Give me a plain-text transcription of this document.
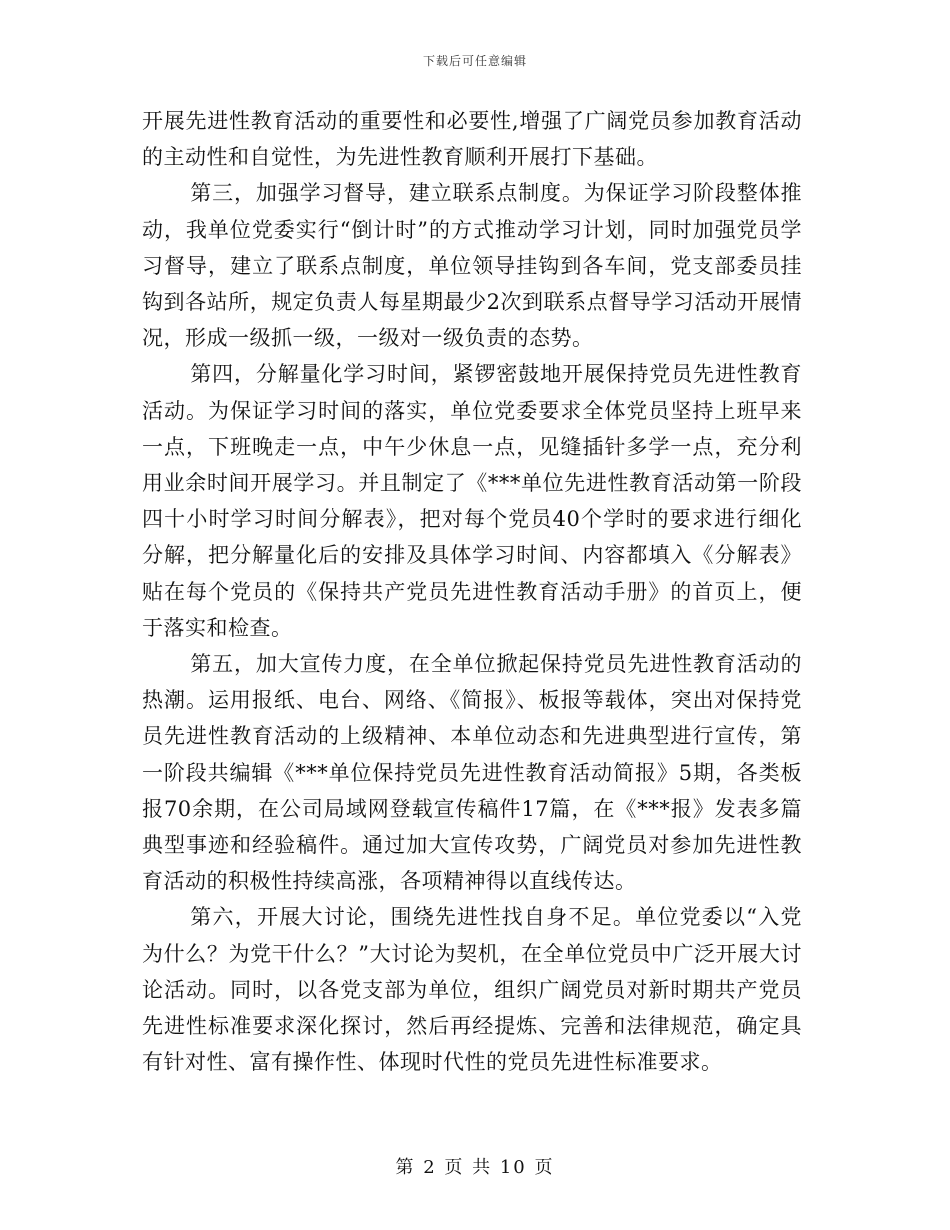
下载后可任意编辑

开展先进性教育活动的重要性和必要性,增强了广阔党员参加教育活动的主动性和自觉性，为先进性教育顺利开展打下基础。

第三，加强学习督导，建立联系点制度。为保证学习阶段整体推动，我单位党委实行“倒计时”的方式推动学习计划，同时加强党员学习督导，建立了联系点制度，单位领导挂钩到各车间，党支部委员挂钩到各站所，规定负责人每星期最少2次到联系点督导学习活动开展情况，形成一级抓一级，一级对一级负责的态势。

第四，分解量化学习时间，紧锣密鼓地开展保持党员先进性教育活动。为保证学习时间的落实，单位党委要求全体党员坚持上班早来一点，下班晚走一点，中午少休息一点，见缝插针多学一点，充分利用业余时间开展学习。并且制定了《***单位先进性教育活动第一阶段四十小时学习时间分解表》，把对每个党员40个学时的要求进行细化分解，把分解量化后的安排及具体学习时间、内容都填入《分解表》贴在每个党员的《保持共产党员先进性教育活动手册》的首页上，便于落实和检查。

第五，加大宣传力度，在全单位掀起保持党员先进性教育活动的热潮。运用报纸、电台、网络、《简报》、板报等载体，突出对保持党员先进性教育活动的上级精神、本单位动态和先进典型进行宣传，第一阶段共编辑《***单位保持党员先进性教育活动简报》5期，各类板报70余期，在公司局域网登载宣传稿件17篇，在《***报》发表多篇典型事迹和经验稿件。通过加大宣传攻势，广阔党员对参加先进性教育活动的积极性持续高涨，各项精神得以直线传达。

第六，开展大讨论，围绕先进性找自身不足。单位党委以“入党为什么？为党干什么？”大讨论为契机，在全单位党员中广泛开展大讨论活动。同时，以各党支部为单位，组织广阔党员对新时期共产党员先进性标准要求深化探讨，然后再经提炼、完善和法律规范，确定具有针对性、富有操作性、体现时代性的党员先进性标准要求。

第 2 页 共 10 页
